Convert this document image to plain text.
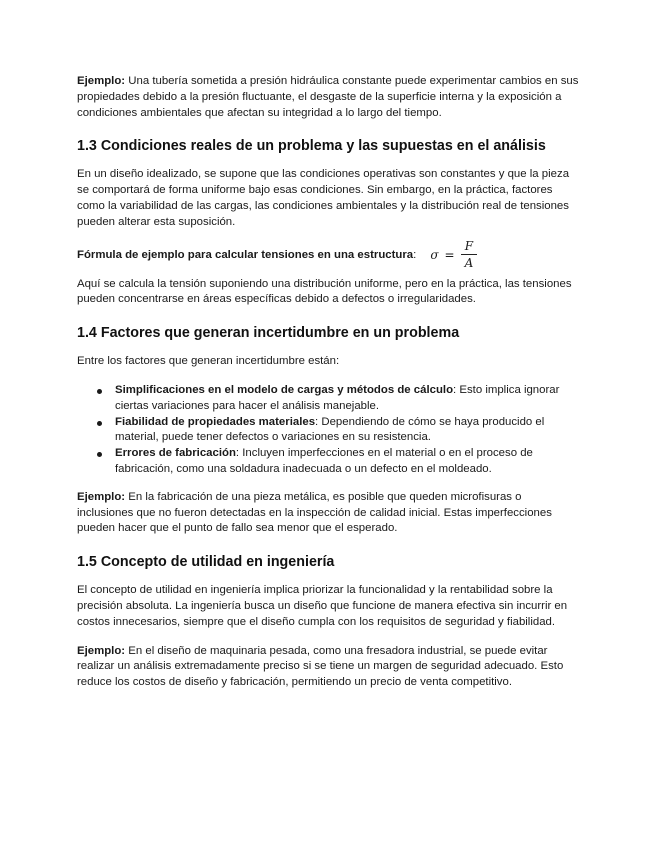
Ejemplo: Una tubería sometida a presión hidráulica constante puede experimentar cambios en sus propiedades debido a la presión fluctuante, el desgaste de la superficie interna y la exposición a condiciones ambientales que afectan su integridad a lo largo del tiempo.

1.3 Condiciones reales de un problema y las supuestas en el análisis

En un diseño idealizado, se supone que las condiciones operativas son constantes y que la pieza se comportará de forma uniforme bajo esas condiciones. Sin embargo, en la práctica, factores como la variabilidad de las cargas, las condiciones ambientales y la distribución real de tensiones pueden alterar esta suposición.

Fórmula de ejemplo para calcular tensiones en una estructura : $\sigma = \frac{F}{A}$

Aquí se calcula la tensión suponiendo una distribución uniforme, pero en la práctica, las tensiones pueden concentrarse en áreas específicas debido a defectos o irregularidades.

1.4 Factores que generan incertidumbre en un problema

Entre los factores que generan incertidumbre están:

Simplificaciones en el modelo de cargas y métodos de cálculo: Esto implica ignorar ciertas variaciones para hacer el análisis manejable.
Fiabilidad de propiedades materiales: Dependiendo de cómo se haya producido el material, puede tener defectos o variaciones en su resistencia.
Errores de fabricación: Incluyen imperfecciones en el material o en el proceso de fabricación, como una soldadura inadecuada o un defecto en el moldeado.

Ejemplo: En la fabricación de una pieza metálica, es posible que queden microfisuras o inclusiones que no fueron detectadas en la inspección de calidad inicial. Estas imperfecciones pueden hacer que el punto de fallo sea menor que el esperado.

1.5 Concepto de utilidad en ingeniería

El concepto de utilidad en ingeniería implica priorizar la funcionalidad y la rentabilidad sobre la precisión absoluta. La ingeniería busca un diseño que funcione de manera efectiva sin incurrir en costos innecesarios, siempre que el diseño cumpla con los requisitos de seguridad y fiabilidad.

Ejemplo: En el diseño de maquinaria pesada, como una fresadora industrial, se puede evitar realizar un análisis extremadamente preciso si se tiene un margen de seguridad adecuado. Esto reduce los costos de diseño y fabricación, permitiendo un precio de venta competitivo.
